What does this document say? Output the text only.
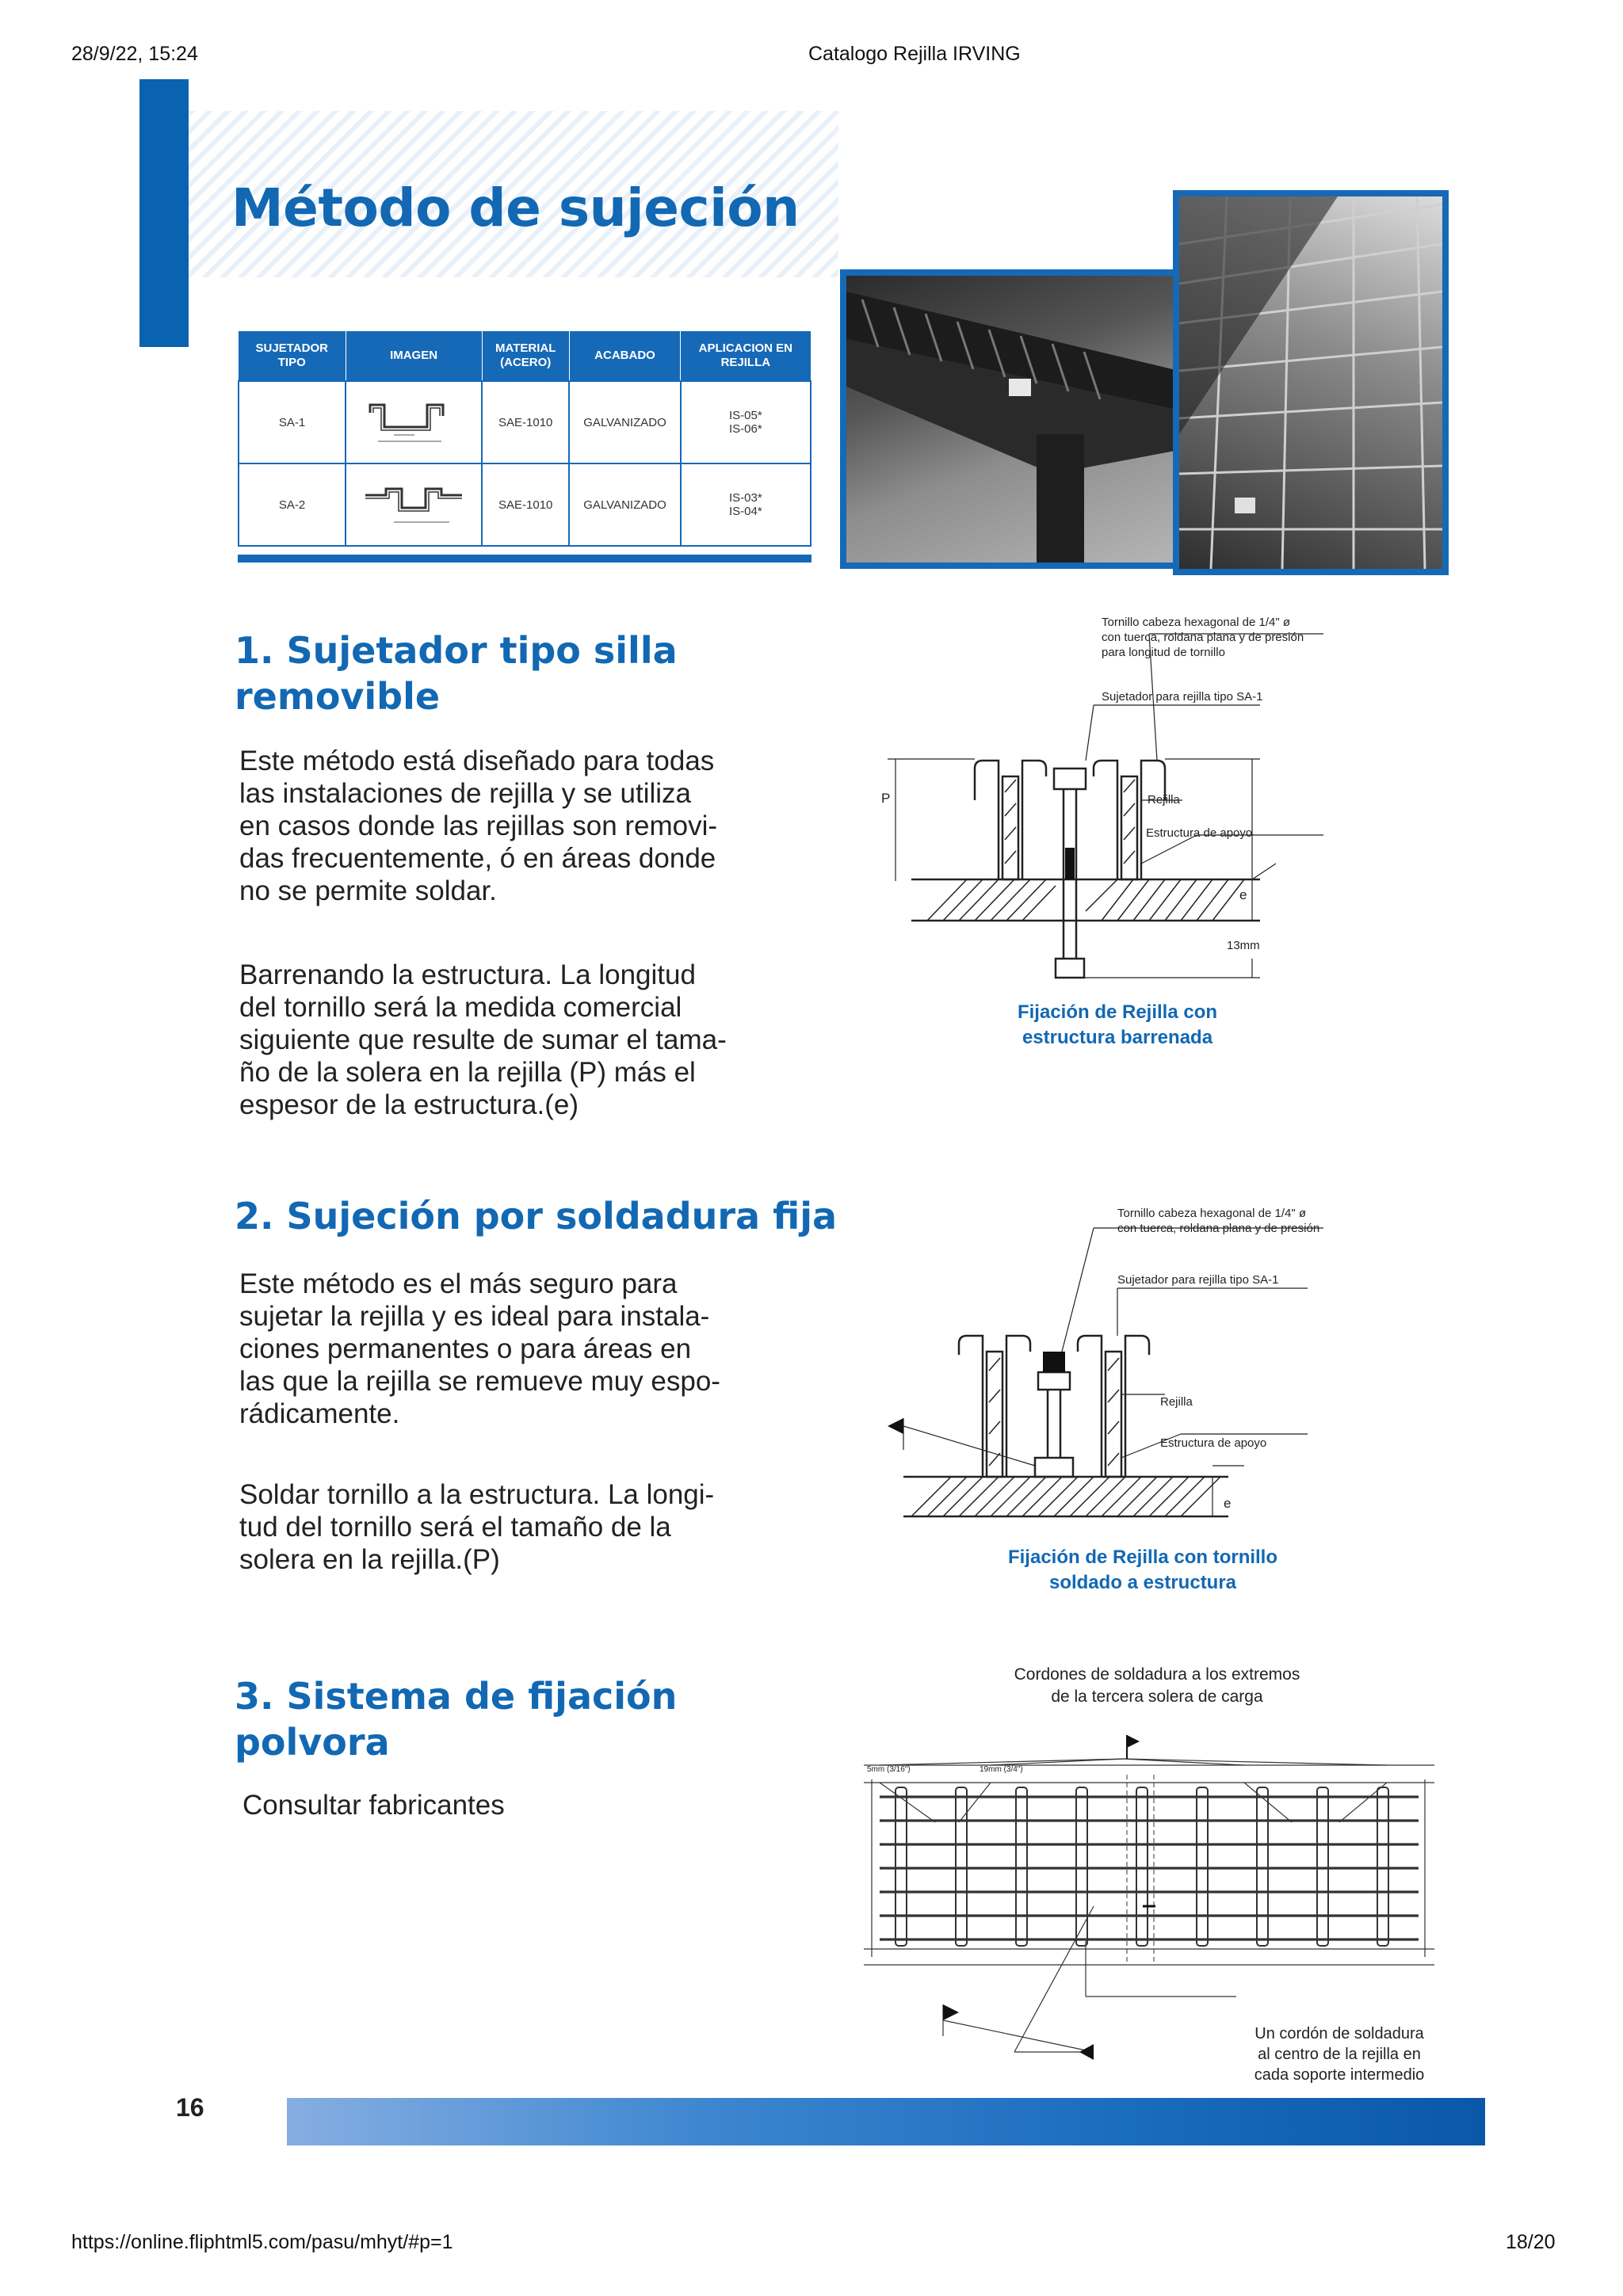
28/9/22, 15:24	Catalogo Rejilla IRVING
Método de sujeción
SUJETADOR TIPO	IMAGEN	MATERIAL (ACERO)	ACABADO	APLICACION EN REJILLA
SA-1		SAE-1010	GALVANIZADO	IS-05*
IS-06*

SA-2		SAE-1010	GALVANIZADO	IS-03*
IS-04*
1. Sujetador tipo silla
removible
Este método está diseñado para todas
las instalaciones de rejilla y se utiliza
en casos donde las rejillas son removi-
das frecuentemente, ó en áreas donde
no se permite soldar.
Barrenando la estructura. La longitud
del tornillo será la medida comercial
siguiente que resulte de sumar el tama-
ño de la solera en la rejilla (P) más el
espesor de la estructura.(e)
Tornillo cabeza hexagonal de 1/4" ø
con tuerca, roldana plana y de presión
para longitud de tornillo
Sujetador para rejilla tipo SA-1
Rejilla
Estructura de apoyo
P
e
13mm
Fijación de Rejilla con
estructura barrenada
2. Sujeción por soldadura fija
Este método es el más seguro para
sujetar la rejilla y es ideal para instala-
ciones permanentes o para áreas en
las que la rejilla se remueve muy espo-
rádicamente.
Soldar tornillo a la estructura. La longi-
tud del tornillo será el tamaño de la
solera en la rejilla.(P)
Tornillo cabeza hexagonal de 1/4" ø
con tuerca, roldana plana y de presión
Sujetador para rejilla tipo SA-1
Rejilla
Estructura de apoyo
e
Fijación de Rejilla con tornillo
soldado a estructura
3. Sistema de fijación
polvora
Consultar fabricantes
Cordones de soldadura a los extremos
de la tercera solera de carga
5mm (3/16")	19mm (3/4")
Un cordón de soldadura
al centro de la rejilla en
cada soporte intermedio
16
https://online.fliphtml5.com/pasu/mhyt/#p=1	18/20
